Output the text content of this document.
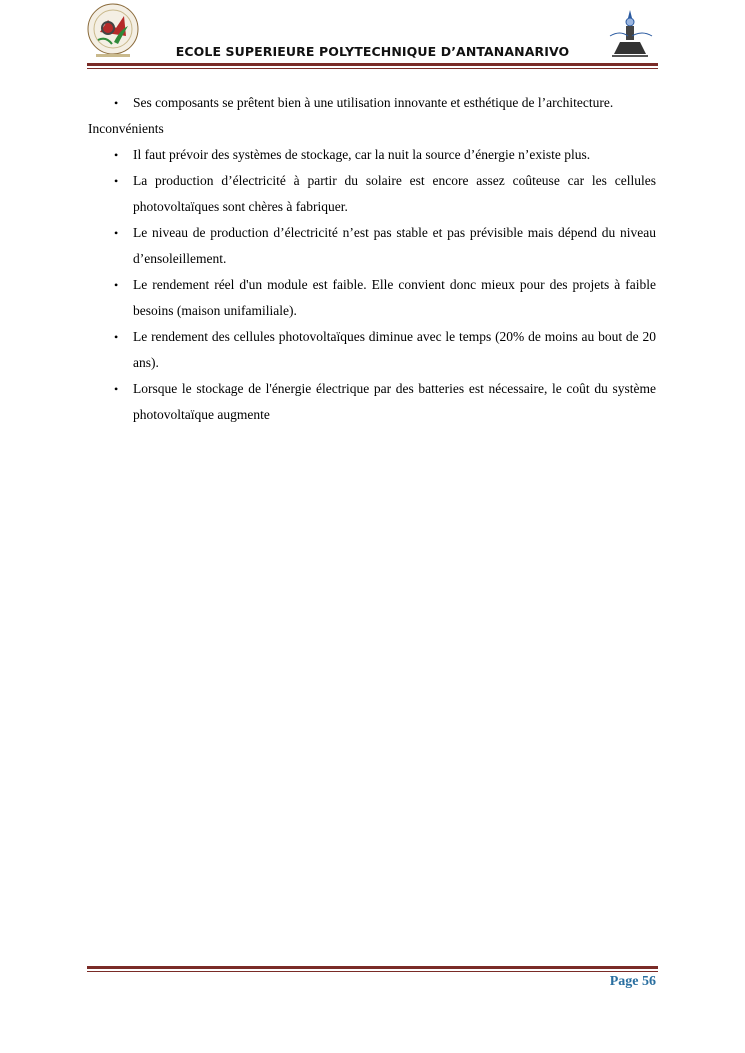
ECOLE SUPERIEURE POLYTECHNIQUE D’ANTANANARIVO
• Ses composants se prêtent bien à une utilisation innovante et esthétique de l’architecture.

Inconvénients

• Il faut prévoir des systèmes de stockage, car la nuit la source d’énergie n’existe plus.
• La production d’électricité à partir du solaire est encore assez coûteuse car les cellules photovoltaïques sont chères à fabriquer.
• Le niveau de production d’électricité n’est pas stable et pas prévisible mais dépend du niveau d’ensoleillement.
• Le rendement réel d'un module est faible. Elle convient donc mieux pour des projets à faible besoins (maison unifamiliale).
• Le rendement des cellules photovoltaïques diminue avec le temps (20% de moins au bout de 20 ans).
• Lorsque le stockage de l'énergie électrique par des batteries est nécessaire, le coût du système photovoltaïque augmente
Page 56
